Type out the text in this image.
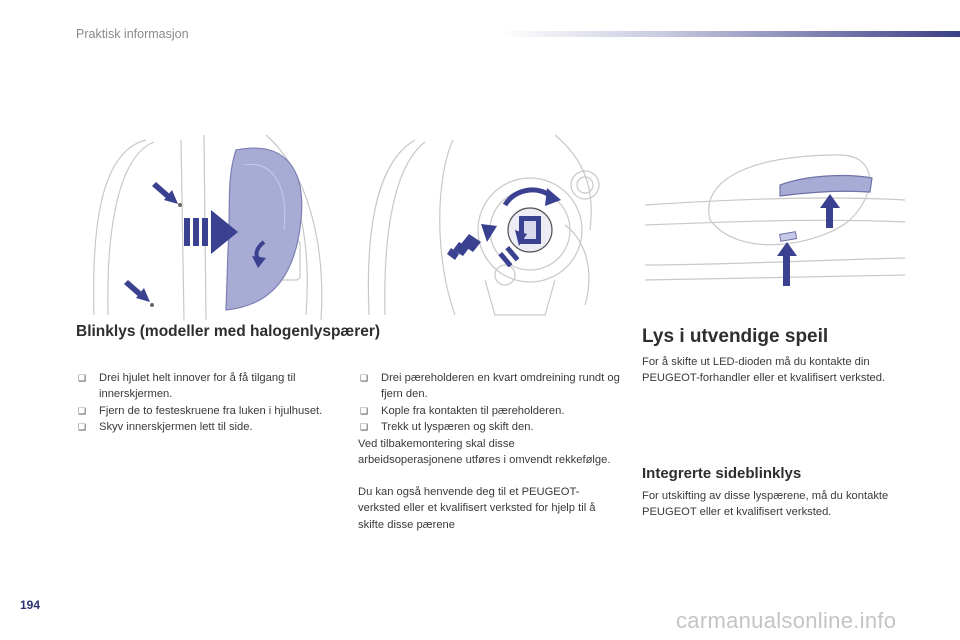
Praktisk informasjon
Blinklys (modeller med halogenlyspærer)
❑ Drei hjulet helt innover for å få tilgang til innerskjermen.
❑ Fjern de to festeskruene fra luken i hjulhuset.
❑ Skyv innerskjermen lett til side.
❑ Drei pæreholderen en kvart omdreining rundt og fjern den.
❑ Kople fra kontakten til pæreholderen.
❑ Trekk ut lyspæren og skift den.
Ved tilbakemontering skal disse arbeidsoperasjonene utføres i omvendt rekkefølge.
Du kan også henvende deg til et PEUGEOT-verksted eller et kvalifisert verksted for hjelp til å skifte disse pærene
Lys i utvendige speil
For å skifte ut LED-dioden må du kontakte din PEUGEOT-forhandler eller et kvalifisert verksted.
Integrerte sideblinklys
For utskifting av disse lyspærene, må du kontakte PEUGEOT eller et kvalifisert verksted.
194
carmanualsonline.info
